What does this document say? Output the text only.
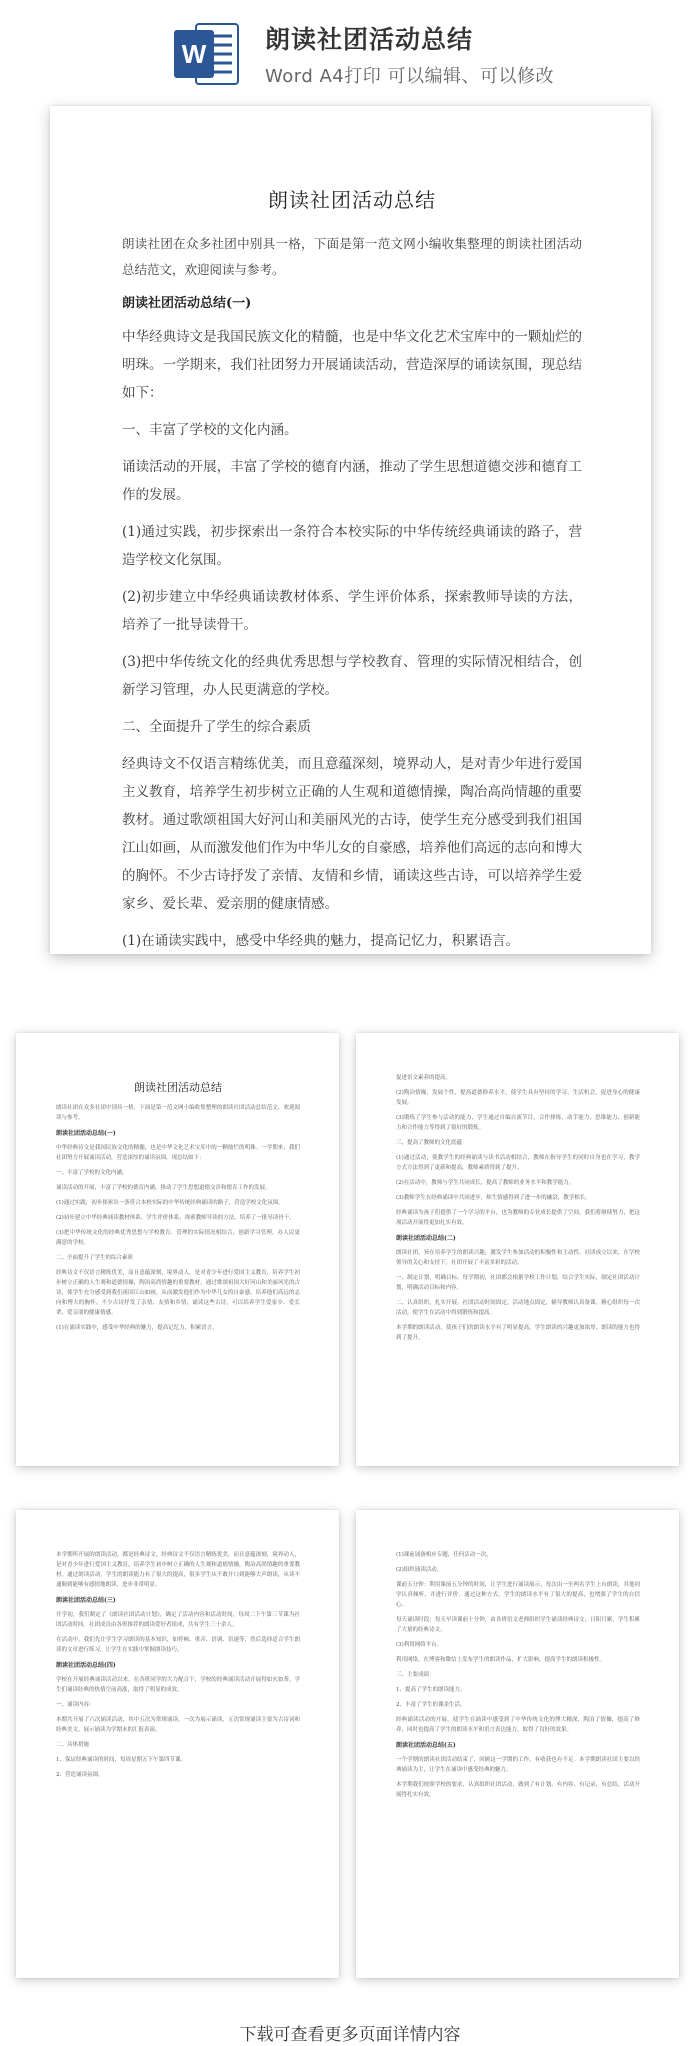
W 朗读社团活动总结
Word A4打印 可以编辑、可以修改
朗读社团活动总结

朗读社团在众多社团中别具一格，下面是第一范文网小编收集整理的朗读社团活动总结范文，欢迎阅读与参考。

朗读社团活动总结(一)

中华经典诗文是我国民族文化的精髓，也是中华文化艺术宝库中的一颗灿烂的明珠。一学期来，我们社团努力开展诵读活动，营造深厚的诵读氛围，现总结如下：

一、丰富了学校的文化内涵。

诵读活动的开展，丰富了学校的德育内涵，推动了学生思想道德交涉和德育工作的发展。

(1)通过实践，初步探索出一条符合本校实际的中华传统经典诵读的路子，营造学校文化氛围。

(2)初步建立中华经典诵读教材体系、学生评价体系，探索教师导读的方法，培养了一批导读骨干。

(3)把中华传统文化的经典优秀思想与学校教育、管理的实际情况相结合，创新学习管理，办人民更满意的学校。

二、全面提升了学生的综合素质

经典诗文不仅语言精练优美，而且意蕴深刻，境界动人，是对青少年进行爱国主义教育，培养学生初步树立正确的人生观和道德情操，陶冶高尚情趣的重要教材。通过歌颂祖国大好河山和美丽风光的古诗，使学生充分感受到我们祖国江山如画，从而激发他们作为中华儿女的自豪感，培养他们高远的志向和博大的胸怀。不少古诗抒发了亲情、友情和乡情，诵读这些古诗，可以培养学生爱家乡、爱长辈、爱亲朋的健康情感。

(1)在诵读实践中，感受中华经典的魅力，提高记忆力，积累语言。

朗读社团活动总结

朗读社团在众多社团中别具一格，下面是第一范文网小编收集整理的朗读社团活动总结范文，欢迎阅读与参考。

朗读社团活动总结(一)

中华经典诗文是我国民族文化的精髓，也是中华文化艺术宝库中的一颗灿烂的明珠。一学期来，我们社团努力开展诵读活动，营造深厚的诵读氛围，现总结如下：

一、丰富了学校的文化内涵。

诵读活动的开展，丰富了学校的德育内涵，推动了学生思想道德交涉和德育工作的发展。

(1)通过实践，初步探索出一条符合本校实际的中华传统经典诵读的路子，营造学校文化氛围。

(2)初步建立中华经典诵读教材体系、学生评价体系，探索教师导读的方法，培养了一批导读骨干。

(3)把中华传统文化的经典优秀思想与学校教育、管理的实际情况相结合，创新学习管理，办人民更满意的学校。

二、全面提升了学生的综合素质

经典诗文不仅语言精练优美，而且意蕴深刻，境界动人，是对青少年进行爱国主义教育，培养学生初步树立正确的人生观和道德情操，陶冶高尚情趣的重要教材。通过歌颂祖国大好河山和美丽风光的古诗，使学生充分感受到我们祖国江山如画，从而激发他们作为中华儿女的自豪感，培养他们高远的志向和博大的胸怀。不少古诗抒发了亲情、友情和乡情，诵读这些古诗，可以培养学生爱家乡、爱长辈、爱亲朋的健康情感。

(1)在诵读实践中，感受中华经典的魅力，提高记忆力，积累语言。

促进语文素养的提高。

(2)陶冶情操，发展个性，提高道德修养水平，使学生具有坚持的学习、生活机会，促进身心的健康发展。

(3)锻炼了学生参与活动的能力，学生通过自编自演节目，合作排练，动手能力、思维能力、创新能力和合作能力等得到了很好的锻炼。

三、提高了教师的文化底蕴

(1)通过活动，使教学生的经典诵读与读书活动相结合，教师在指导学生的同时自身也在学习，教学方式方法得到了更新和提高，教师素质得到了提升。

(2)在活动中，教师与学生共同成长，提高了教师的业务水平和教学能力。

(3)教师学生在经典诵读中共同进步，师生情感得到了进一步的融洽，教学相长。

经典诵读为孩子们提供了一个学习的平台，也为教师的专业成长提供了空间，我们将继续努力，把这项活动开展得更加扎实有效。

朗读社团活动总结(二)

朗读社团，旨在培养学生的朗读兴趣，激发学生参加活动的积极性和主动性。社团成立以来，在学校领导的关心和支持下，社团开展了丰富多彩的活动。

一、制定计划，明确目标。每学期初，社团都会根据学校工作计划，结合学生实际，制定社团活动计划，明确活动目标和内容。

二、认真组织，扎实开展。社团活动时间固定，活动地点固定，辅导教师认真备课，精心组织每一次活动，使学生在活动中得到锻炼和提高。

本学期的朗读活动，使孩子们的朗读水平有了明显提高，学生朗读的兴趣更加浓厚，朗读的能力也得到了提升。

本学期所开展的朗读活动，都是经典诗文，经典诗文不仅语言精练优美，而且意蕴深刻，境界动人，是对青少年进行爱国主义教育，培养学生初步树立正确的人生观和道德情操，陶冶高尚情趣的重要教材。通过朗读活动，学生的朗读能力有了很大的提高，很多学生从不敢开口到能够大声朗读，从读不通顺到能够有感情地朗读，进步非常明显。

朗读社团活动总结(三)

开学初，我们制定了《朗读社团活动计划》，确定了活动内容和活动时间，每周二下午第三节课为社团活动时间。社团成员由各班推荐的朗读爱好者组成，共有学生三十余人。

在活动中，我们先让学生学习朗读的基本知识，如停顿、重音、语调、语速等，然后选择适合学生朗读的文章进行练习，让学生在实践中掌握朗读技巧。

朗读社团活动总结(四)

学校在开展经典诵读活动以来，在各班同学的大力配合下，学校的经典诵读活动开展得如火如荼，学生们诵读经典的热情空前高涨，取得了明显的成效。

一、诵读内容：

本期共开展了六次诵读活动，其中五次为常规诵读，一次为展示诵读，五次常规诵读主要为古诗词和经典美文，展示诵读为学期末的汇报表演。

二、具体措施

1、保证经典诵读的时间，每周星期五下午第四节课。

2、营造诵读氛围。

(1)课前诵备相应专题，任何活动一次。

(2)组织诵读活动。

课前五分钟：利用课前五分钟的时间，让学生进行诵读展示，每次由一至两名学生上台朗读，其他同学认真倾听，并进行评价。通过这种方式，学生的朗读水平有了很大的提高，也增强了学生的自信心。

每天诵读时段：每天早读课前十分钟，由各班语文老师组织学生诵读经典诗文，日积月累，学生积累了大量的经典诗文。

(3)利用网络平台。

利用网络，在博客和微信上发布学生的朗读作品，扩大影响，提高学生的朗读积极性。

三、主要成绩：

1、提高了学生的朗读能力。

2、丰富了学生的课余生活。

经典诵读活动的开展，使学生在诵读中感受到了中华传统文化的博大精深，陶冶了情操，提高了修养，同时也提高了学生的朗读水平和语言表达能力，取得了良好的效果。

朗读社团活动总结(五)

一个学期的朗读社团活动结束了，回顾这一学期的工作，有收获也有不足。本学期朗读社团主要以经典诵读为主，让学生在诵读中感受经典的魅力。

本学期我们按照学校的要求，认真组织社团活动，做到了有计划、有内容、有记录、有总结，活动开展得扎实有效。

下载可查看更多页面详情内容
